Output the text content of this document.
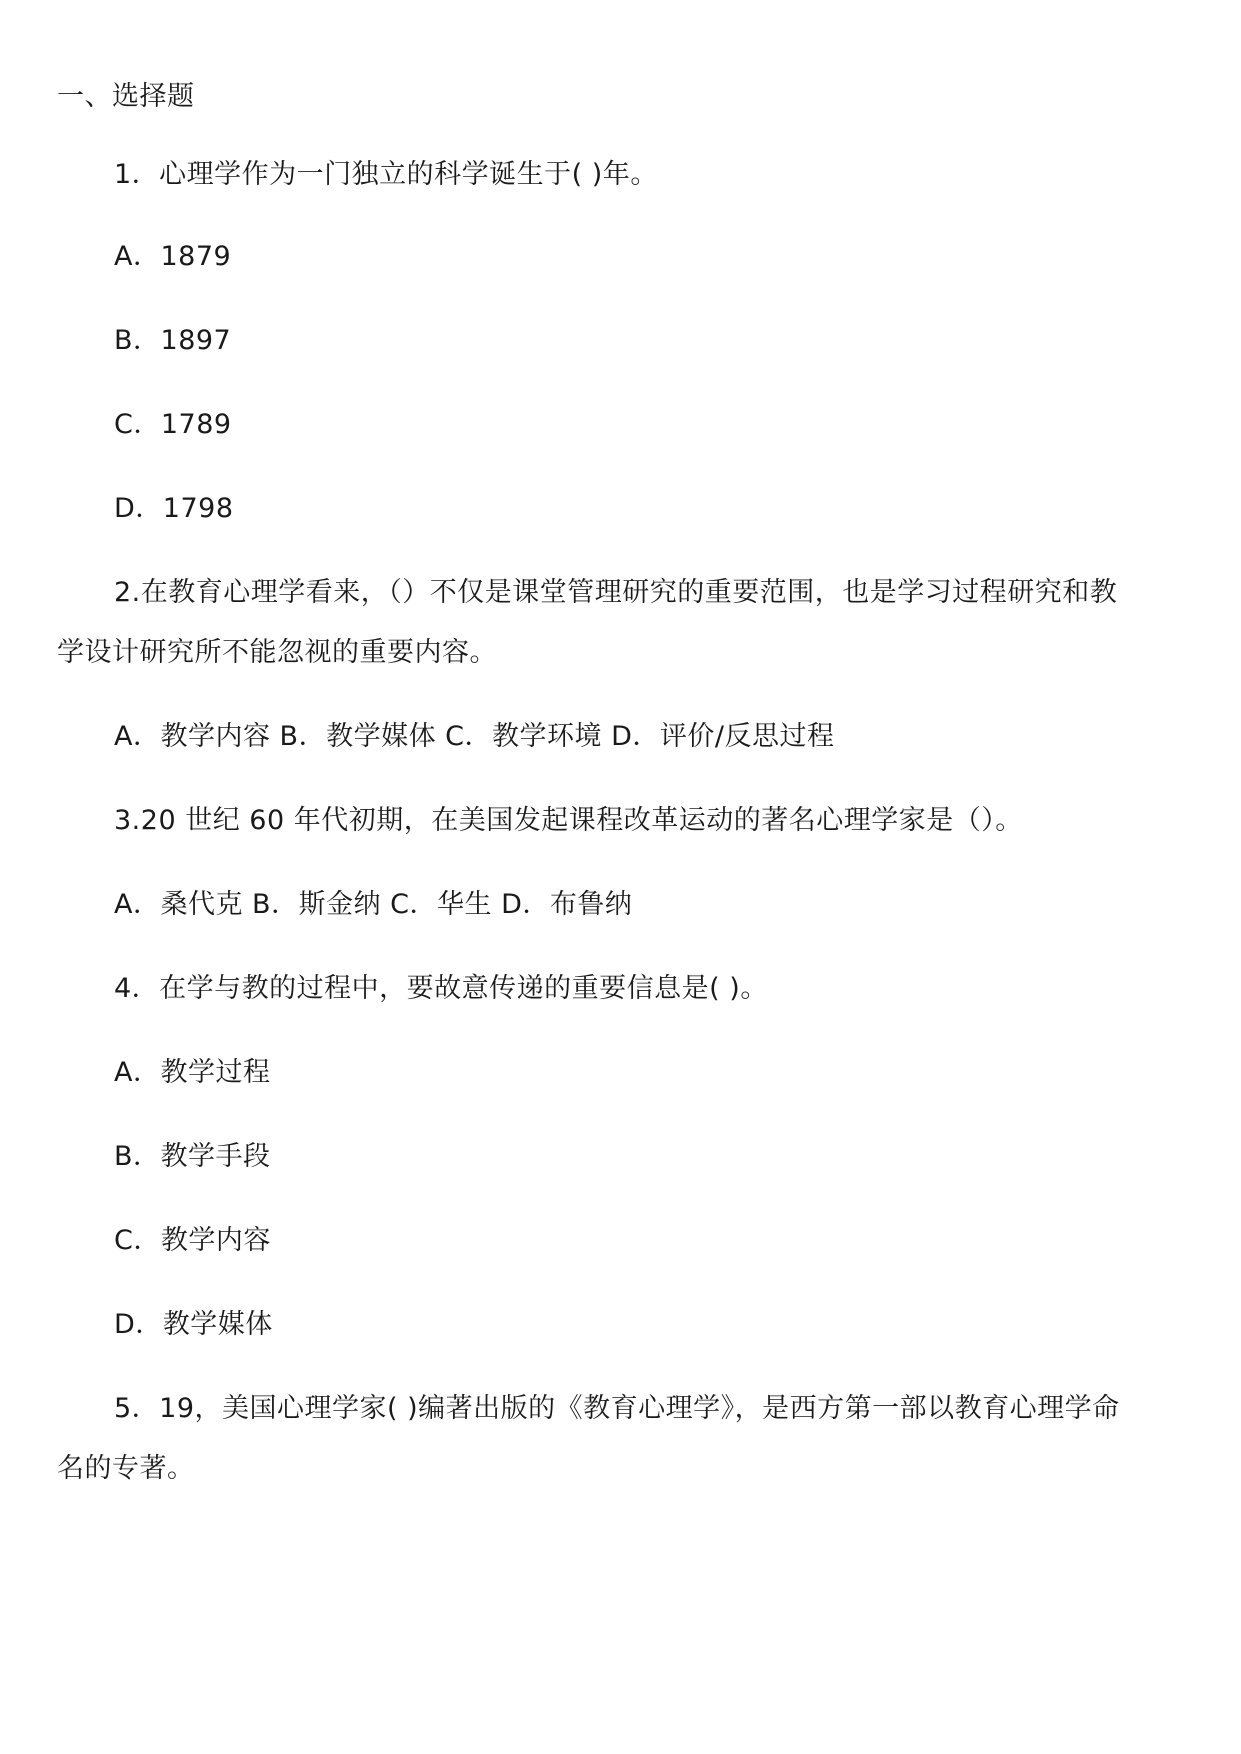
一、选择题
1．心理学作为一门独立的科学诞生于( )年。
A．1879
B．1897
C．1789
D．1798
2.在教育心理学看来，（）不仅是课堂管理研究的重要范围，也是学习过程研究和教
学设计研究所不能忽视的重要内容。
A．教学内容 B．教学媒体 C．教学环境 D．评价/反思过程
3.20 世纪 60 年代初期，在美国发起课程改革运动的著名心理学家是（）。
A．桑代克 B．斯金纳 C．华生 D．布鲁纳
4．在学与教的过程中，要故意传递的重要信息是( )。
A．教学过程
B．教学手段
C．教学内容
D．教学媒体
5．19，美国心理学家( )编著出版的《教育心理学》，是西方第一部以教育心理学命
名的专著。
